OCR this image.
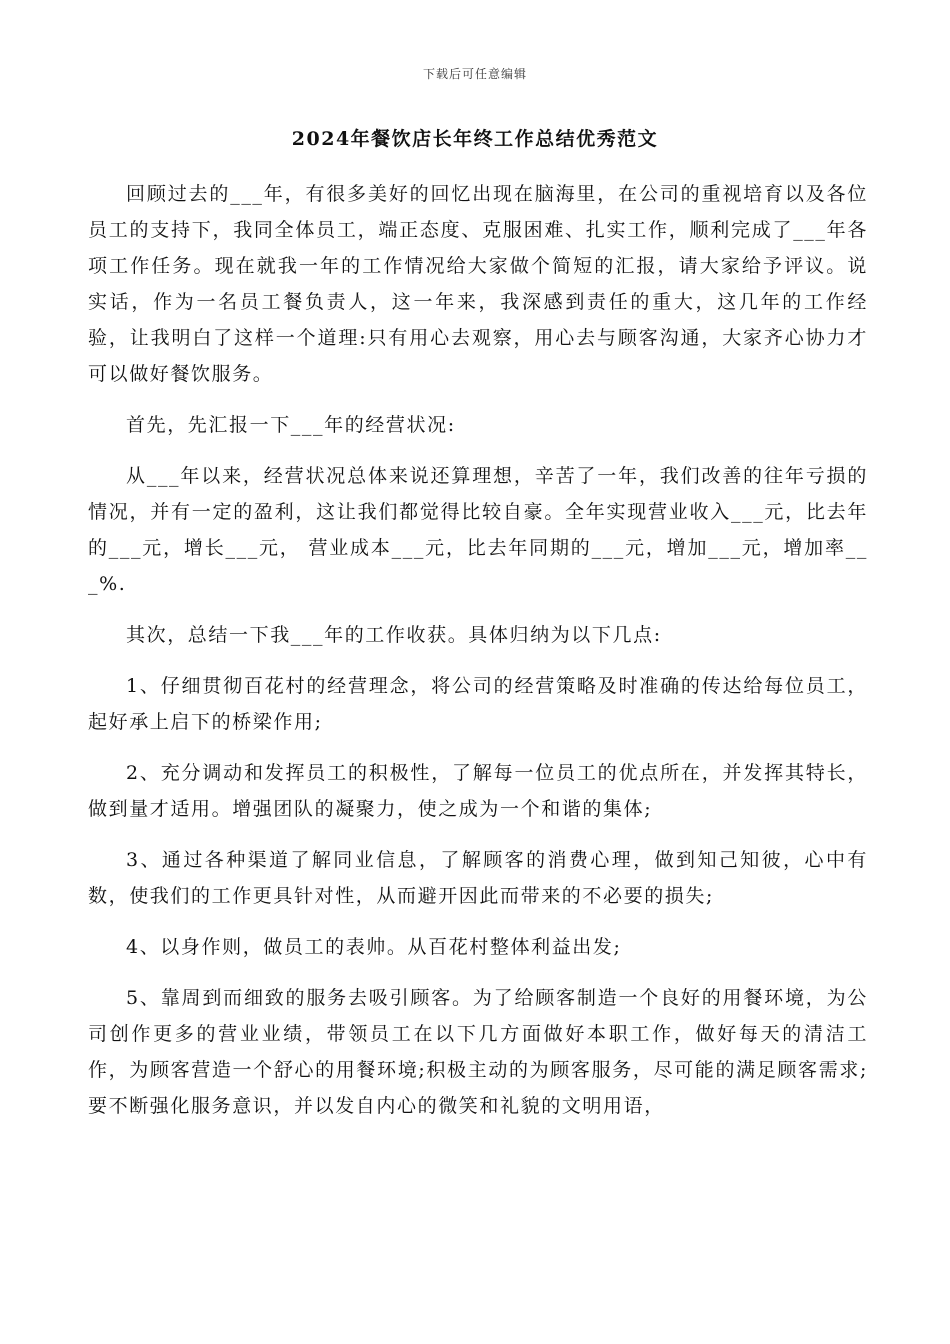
下载后可任意编辑
2024年餐饮店长年终工作总结优秀范文

回顾过去的___年，有很多美好的回忆出现在脑海里，在公司的重视培育以及各位员工的支持下，我同全体员工，端正态度、克服困难、扎实工作，顺利完成了___年各项工作任务。现在就我一年的工作情况给大家做个简短的汇报，请大家给予评议。说实话，作为一名员工餐负责人，这一年来，我深感到责任的重大，这几年的工作经验，让我明白了这样一个道理:只有用心去观察，用心去与顾客沟通，大家齐心协力才可以做好餐饮服务。

首先，先汇报一下___年的经营状况:

从___年以来，经营状况总体来说还算理想，辛苦了一年，我们改善的往年亏损的情况，并有一定的盈利，这让我们都觉得比较自豪。全年实现营业收入___元，比去年的___元，增长___元， 营业成本___元，比去年同期的___元，增加___元，增加率___%.

其次，总结一下我___年的工作收获。具体归纳为以下几点:

1、仔细贯彻百花村的经营理念，将公司的经营策略及时准确的传达给每位员工，起好承上启下的桥梁作用;

2、充分调动和发挥员工的积极性，了解每一位员工的优点所在，并发挥其特长，做到量才适用。增强团队的凝聚力，使之成为一个和谐的集体;

3、通过各种渠道了解同业信息，了解顾客的消费心理，做到知己知彼，心中有数，使我们的工作更具针对性，从而避开因此而带来的不必要的损失;

4、以身作则，做员工的表帅。从百花村整体利益出发;

5、靠周到而细致的服务去吸引顾客。为了给顾客制造一个良好的用餐环境，为公司创作更多的营业业绩，带领员工在以下几方面做好本职工作，做好每天的清洁工作，为顾客营造一个舒心的用餐环境;积极主动的为顾客服务，尽可能的满足顾客需求;要不断强化服务意识，并以发自内心的微笑和礼貌的文明用语，
